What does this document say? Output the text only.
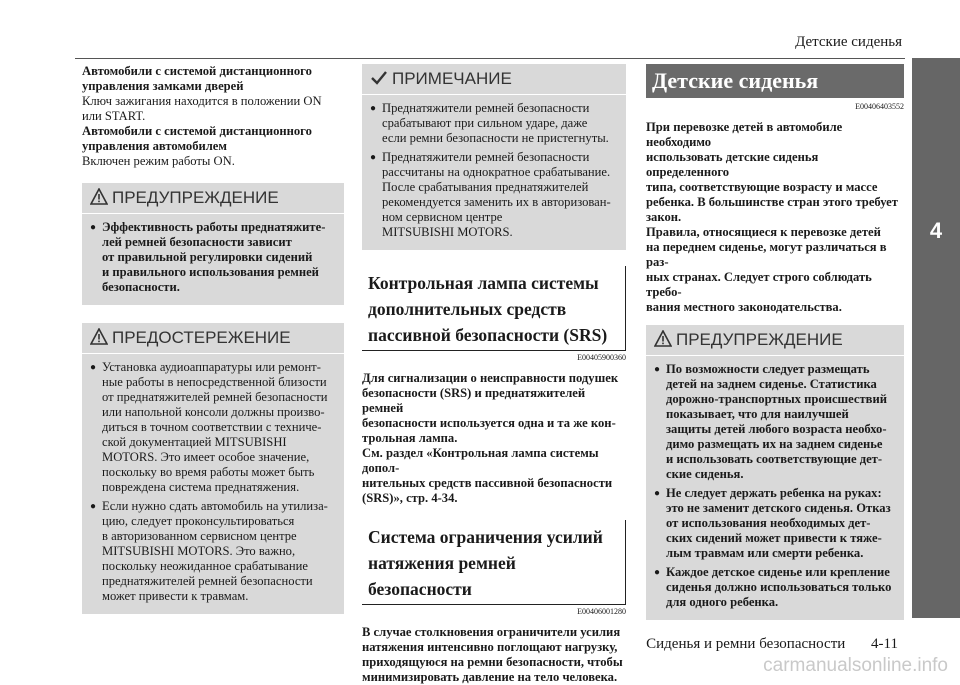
Детские сиденья
4
Автомобили с системой дистанционного
управления замками дверей
Ключ зажигания находится в положении ON
или START.
Автомобили с системой дистанционного
управления автомобилем
Включен режим работы ON.
ПРЕДУПРЕЖДЕНИЕ
● Эффективность работы преднатяжите-
лей ремней безопасности зависит
от правильной регулировки сидений
и правильного использования ремней
безопасности.
ПРЕДОСТЕРЕЖЕНИЕ
● Установка аудиоаппаратуры или ремонт-
ные работы в непосредственной близости
от преднатяжителей ремней безопасности
или напольной консоли должны произво-
диться в точном соответствии с техниче-
ской документацией MITSUBISHI
MOTORS. Это имеет особое значение,
поскольку во время работы может быть
повреждена система преднатяжения.
● Если нужно сдать автомобиль на утилиза-
цию, следует проконсультироваться
в авторизованном сервисном центре
MITSUBISHI MOTORS. Это важно,
поскольку неожиданное срабатывание
преднатяжителей ремней безопасности
может привести к травмам.
ПРИМЕЧАНИЕ
● Преднатяжители ремней безопасности
срабатывают при сильном ударе, даже
если ремни безопасности не пристегнуты.
● Преднатяжители ремней безопасности
рассчитаны на однократное срабатывание.
После срабатывания преднатяжителей
рекомендуется заменить их в авторизован-
ном сервисном центре
MITSUBISHI MOTORS.
Контрольная лампа системы
дополнительных средств
пассивной безопасности (SRS)
E00405900360
Для сигнализации о неисправности подушек
безопасности (SRS) и преднатяжителей ремней
безопасности используется одна и та же кон-
трольная лампа.
См. раздел «Контрольная лампа системы допол-
нительных средств пассивной безопасности
(SRS)», стр. 4-34.
Система ограничения усилий
натяжения ремней безопасности
E00406001280
В случае столкновения ограничители усилия
натяжения интенсивно поглощают нагрузку,
приходящуюся на ремни безопасности, чтобы
минимизировать давление на тело человека.
Детские сиденья
E00406403552
При перевозке детей в автомобиле необходимо
использовать детские сиденья определенного
типа, соответствующие возрасту и массе
ребенка. В большинстве стран этого требует
закон.
Правила, относящиеся к перевозке детей
на переднем сиденье, могут различаться в раз-
ных странах. Следует строго соблюдать требо-
вания местного законодательства.
ПРЕДУПРЕЖДЕНИЕ
● По возможности следует размещать
детей на заднем сиденье. Статистика
дорожно-транспортных происшествий
показывает, что для наилучшей
защиты детей любого возраста необхо-
димо размещать их на заднем сиденье
и использовать соответствующие дет-
ские сиденья.
● Не следует держать ребенка на руках:
это не заменит детского сиденья. Отказ
от использования необходимых дет-
ских сидений может привести к тяже-
лым травмам или смерти ребенка.
● Каждое детское сиденье или крепление
сиденья должно использоваться только
для одного ребенка.
Сиденья и ремни безопасности 4-11
carmanualsonline.info
